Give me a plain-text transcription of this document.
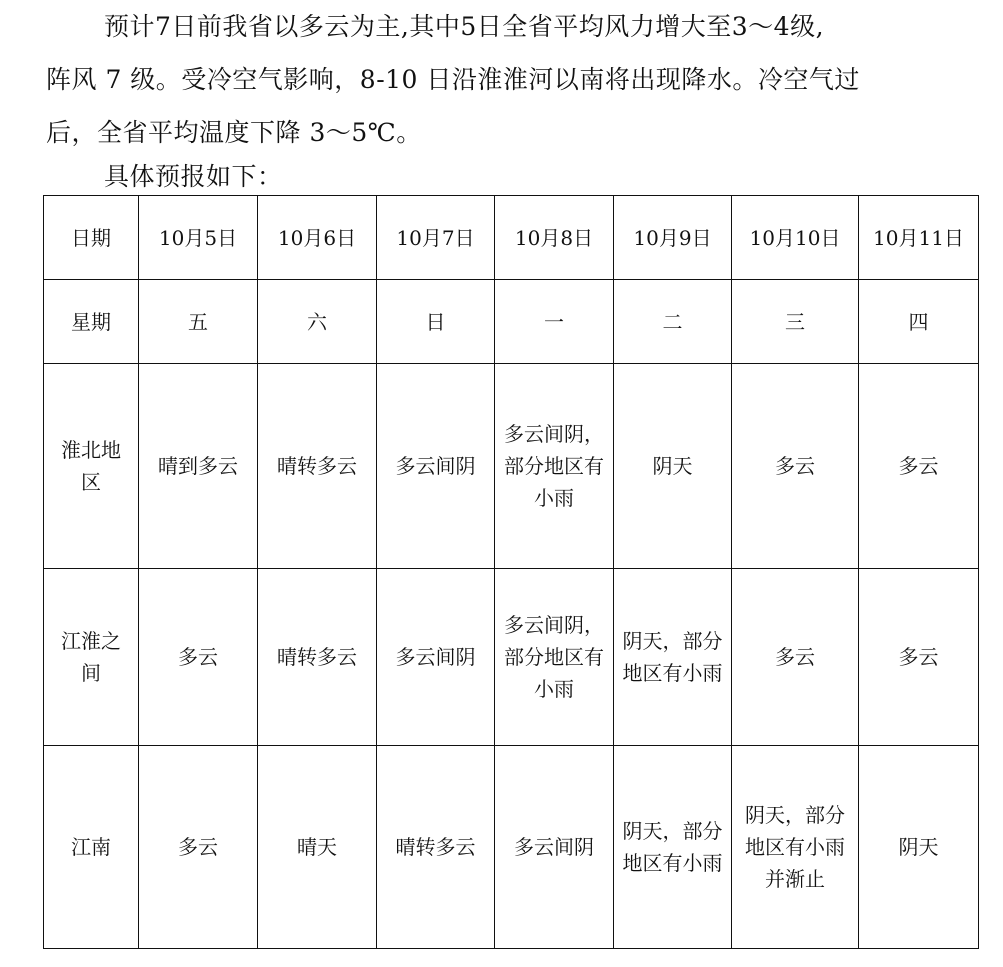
预计7日前我省以多云为主,其中5日全省平均风力增大至3～4级,
阵风 7 级。受冷空气影响，8-10 日沿淮淮河以南将出现降水。冷空气过
后，全省平均温度下降 3～5℃。

具体预报如下：

日期	10月5日	10月6日	10月7日	10月8日	10月9日	10月10日	10月11日
星期	五	六	日	一	二	三	四
淮北地区	晴到多云	晴转多云	多云间阴	多云间阴，部分地区有小雨	阴天	多云	多云
江淮之间	多云	晴转多云	多云间阴	多云间阴，部分地区有小雨	阴天，部分地区有小雨	多云	多云
江南	多云	晴天	晴转多云	多云间阴	阴天，部分地区有小雨	阴天，部分地区有小雨并渐止	阴天
